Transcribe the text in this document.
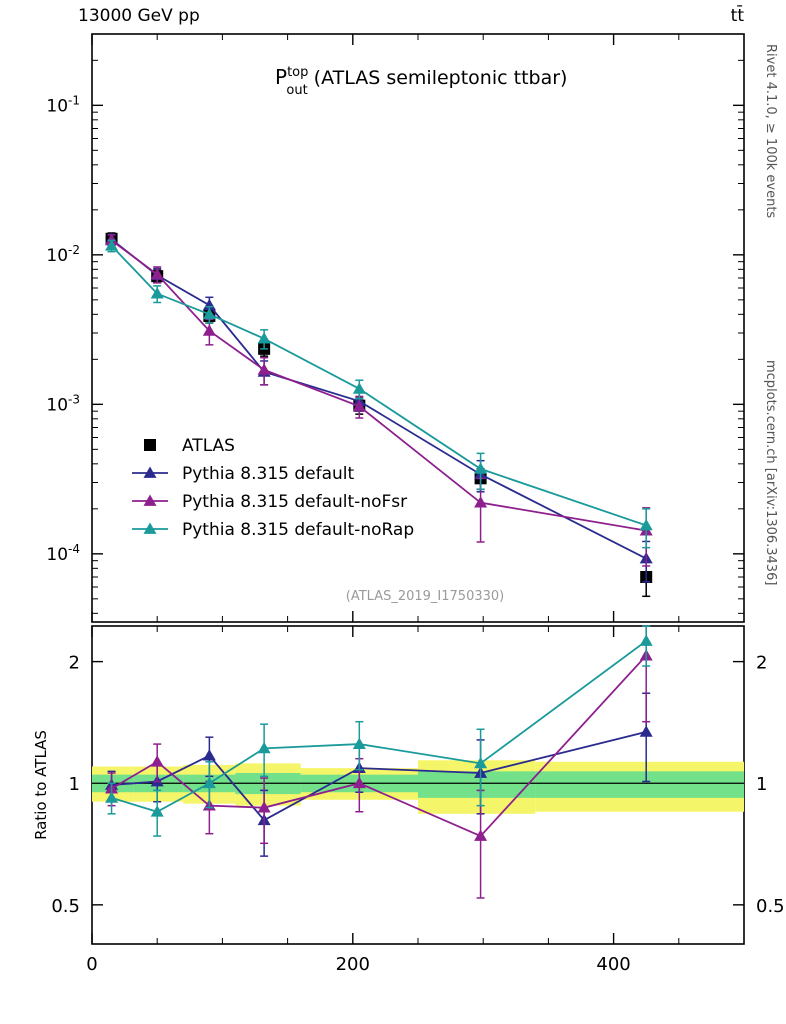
13000 GeV pp	tt̄
Rivet 4.1.0, ≥ 100k events
mcplots.cern.ch [arXiv:1306.3436]
$10^{-4}$
$10^{-3}$
$10^{-2}$
$10^{-1}$
0.5	0.5
1	1
2	2
0	200	400
$P^{top}$ out(ATLAS semileptonic ttbar)
(ATLAS_2019_I1750330)
Ratio to ATLAS
ATLAS
Pythia 8.315 default
Pythia 8.315 default-noFsr
Pythia 8.315 default-noRap
